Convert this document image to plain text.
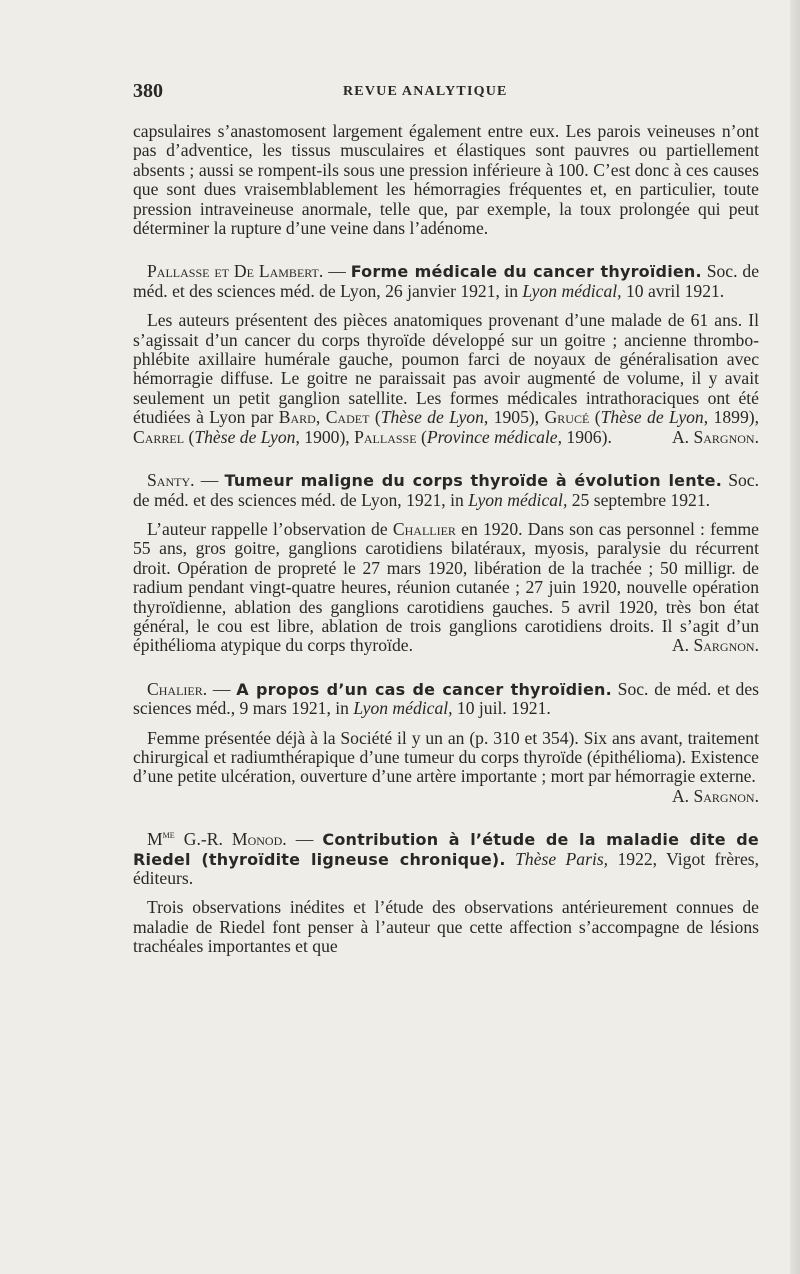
380	REVUE ANALYTIQUE

capsulaires s’anastomosent largement également entre eux. Les parois veineuses n’ont pas d’adventice, les tissus musculaires et élastiques sont pauvres ou partiellement absents ; aussi se rompent-ils sous une pression inférieure à 100. C’est donc à ces causes que sont dues vraisemblablement les hémorragies fréquentes et, en particulier, toute pression intraveineuse anormale, telle que, par exemple, la toux prolongée qui peut déterminer la rupture d’une veine dans l’adénome.

Pallasse et De Lambert. — Forme médicale du cancer thyroïdien. Soc. de méd. et des sciences méd. de Lyon, 26 janvier 1921, in Lyon médical, 10 avril 1921.

Les auteurs présentent des pièces anatomiques provenant d’une malade de 61 ans. Il s’agissait d’un cancer du corps thyroïde développé sur un goitre ; ancienne thrombo-phlébite axillaire humérale gauche, poumon farci de noyaux de généralisation avec hémorragie diffuse. Le goitre ne paraissait pas avoir augmenté de volume, il y avait seulement un petit ganglion satellite. Les formes médicales intrathoraciques ont été étudiées à Lyon par Bard, Cadet (Thèse de Lyon, 1905), Grucé (Thèse de Lyon, 1899), Carrel (Thèse de Lyon, 1900), Pallasse (Province médicale, 1906).	A. Sargnon.

Santy. — Tumeur maligne du corps thyroïde à évolution lente. Soc. de méd. et des sciences méd. de Lyon, 1921, in Lyon médical, 25 septembre 1921.

L’auteur rappelle l’observation de Challier en 1920. Dans son cas personnel : femme 55 ans, gros goitre, ganglions carotidiens bilatéraux, myosis, paralysie du récurrent droit. Opération de propreté le 27 mars 1920, libération de la trachée ; 50 milligr. de radium pendant vingt-quatre heures, réunion cutanée ; 27 juin 1920, nouvelle opération thyroïdienne, ablation des ganglions carotidiens gauches. 5 avril 1920, très bon état général, le cou est libre, ablation de trois ganglions carotidiens droits. Il s’agit d’un épithélioma atypique du corps thyroïde.	A. Sargnon.

Chalier. — A propos d’un cas de cancer thyroïdien. Soc. de méd. et des sciences méd., 9 mars 1921, in Lyon médical, 10 juil. 1921.

Femme présentée déjà à la Société il y un an (p. 310 et 354). Six ans avant, traitement chirurgical et radiumthérapique d’une tumeur du corps thyroïde (épithélioma). Existence d’une petite ulcération, ouverture d’une artère importante ; mort par hémorragie externe.
A. Sargnon.

$M^{me}$ G.-R. Monod. — Contribution à l’étude de la maladie dite de Riedel (thyroïdite ligneuse chronique). Thèse Paris, 1922, Vigot frères, éditeurs.

Trois observations inédites et l’étude des observations antérieurement connues de maladie de Riedel font penser à l’auteur que cette affection s’accompagne de lésions trachéales importantes et que
